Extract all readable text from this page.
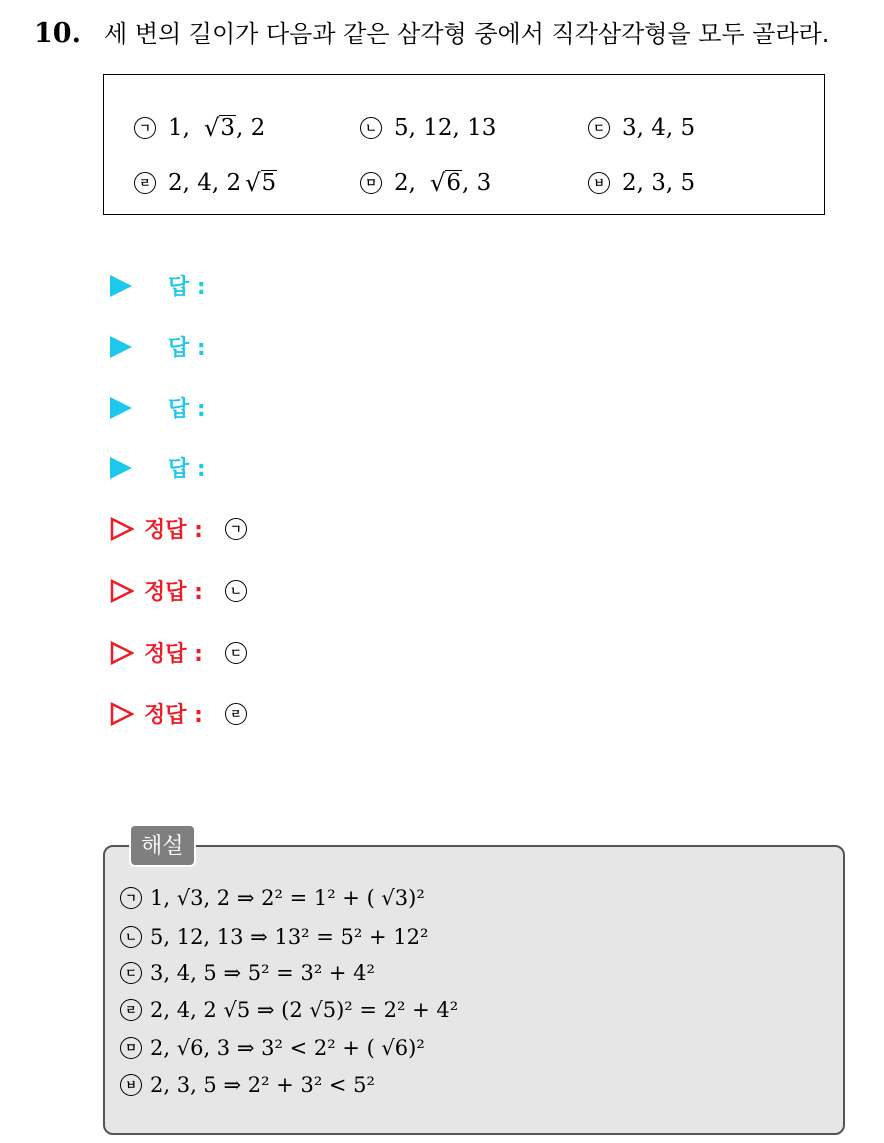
10. 세 변의 길이가 다음과 같은 삼각형 중에서 직각삼각형을 모두 골라라.
ㄱ 1, √ 3 , 2	ㄴ 5, 12, 13	ㄷ 3, 4, 5
ㄹ 2, 4, 2 √ 5	ㅁ 2, √ 6 , 3	ㅂ 2, 3, 5
답 :
답 :
답 :
답 :
정답 :	ㄱ
정답 :	ㄴ
정답 :	ㄷ
정답 :	ㄹ
해설
ㄱ 1, √3, 2 ⇒ 2² = 1² + ( √3)²
ㄴ 5, 12, 13 ⇒ 13² = 5² + 12²
ㄷ 3, 4, 5 ⇒ 5² = 3² + 4²
ㄹ 2, 4, 2 √5 ⇒ (2 √5)² = 2² + 4²
ㅁ 2, √6, 3 ⇒ 3² < 2² + ( √6)²
ㅂ 2, 3, 5 ⇒ 2² + 3² < 5²
